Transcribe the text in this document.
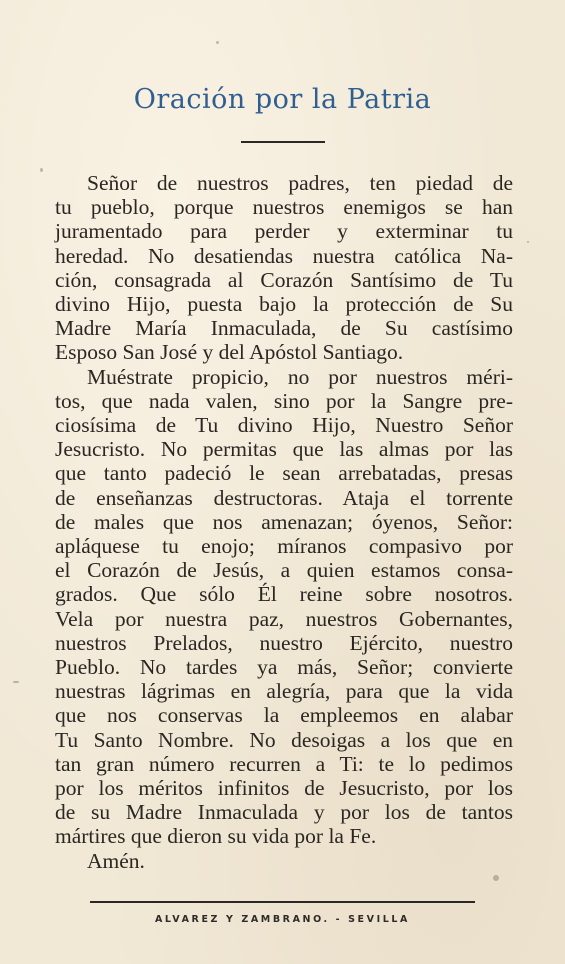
Oración por la Patria
Señor de nuestros padres, ten piedad de
tu pueblo, porque nuestros enemigos se han
juramentado para perder y exterminar tu
heredad. No desatiendas nuestra católica Na-
ción, consagrada al Corazón Santísimo de Tu
divino Hijo, puesta bajo la protección de Su
Madre María Inmaculada, de Su castísimo
Esposo San José y del Apóstol Santiago.
Muéstrate propicio, no por nuestros méri-
tos, que nada valen, sino por la Sangre pre-
ciosísima de Tu divino Hijo, Nuestro Señor
Jesucristo. No permitas que las almas por las
que tanto padeció le sean arrebatadas, presas
de enseñanzas destructoras. Ataja el torrente
de males que nos amenazan; óyenos, Señor:
apláquese tu enojo; míranos compasivo por
el Corazón de Jesús, a quien estamos consa-
grados. Que sólo Él reine sobre nosotros.
Vela por nuestra paz, nuestros Gobernantes,
nuestros Prelados, nuestro Ejército, nuestro
Pueblo. No tardes ya más, Señor; convierte
nuestras lágrimas en alegría, para que la vida
que nos conservas la empleemos en alabar
Tu Santo Nombre. No desoigas a los que en
tan gran número recurren a Ti: te lo pedimos
por los méritos infinitos de Jesucristo, por los
de su Madre Inmaculada y por los de tantos
mártires que dieron su vida por la Fe.
Amén.
ALVAREZ Y ZAMBRANO. - SEVILLA
